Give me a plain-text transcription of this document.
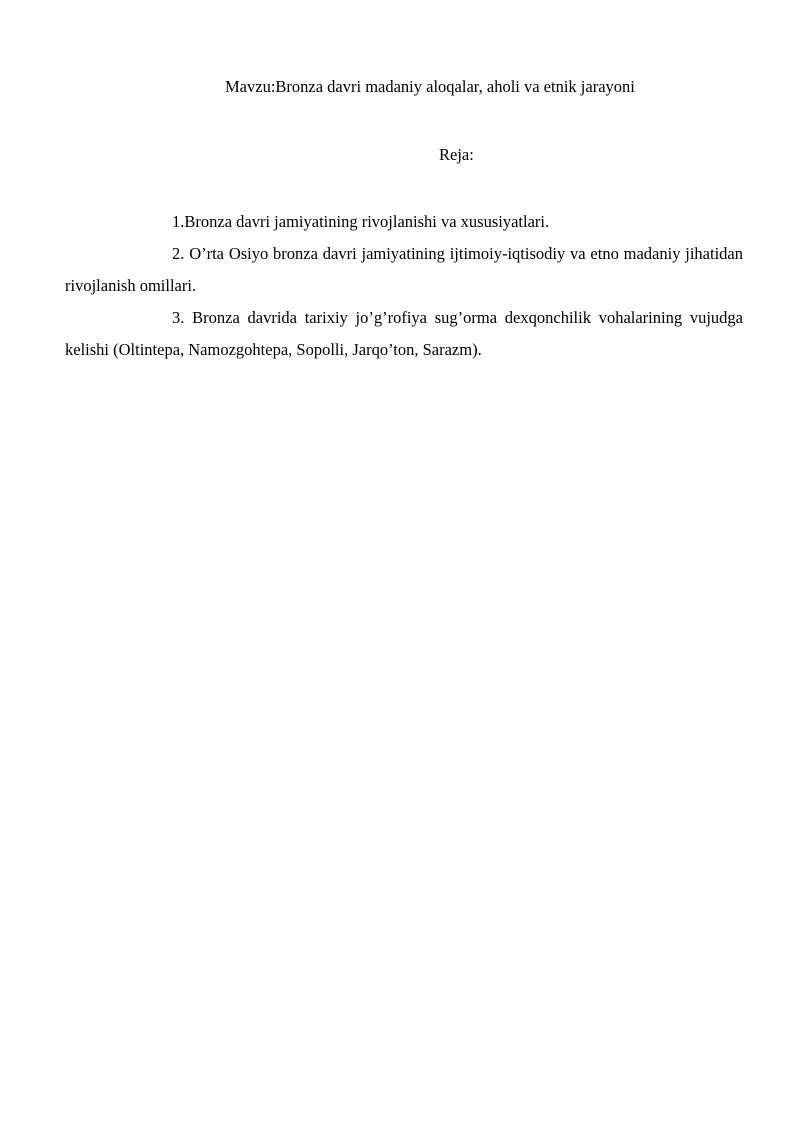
Mavzu:Bronza davri madaniy aloqalar, aholi va etnik jarayoni
Reja:

1.Bronza davri jamiyatining rivojlanishi va xususiyatlari.

2. O’rta Osiyo bronza davri jamiyatining ijtimoiy-iqtisodiy va etno madaniy jihatidan rivojlanish omillari.

3. Bronza davrida tarixiy jo’g’rofiya sug’orma dexqonchilik vohalarining vujudga kelishi (Oltintepa, Namozgohtepa, Sopolli, Jarqo’ton, Sarazm).
